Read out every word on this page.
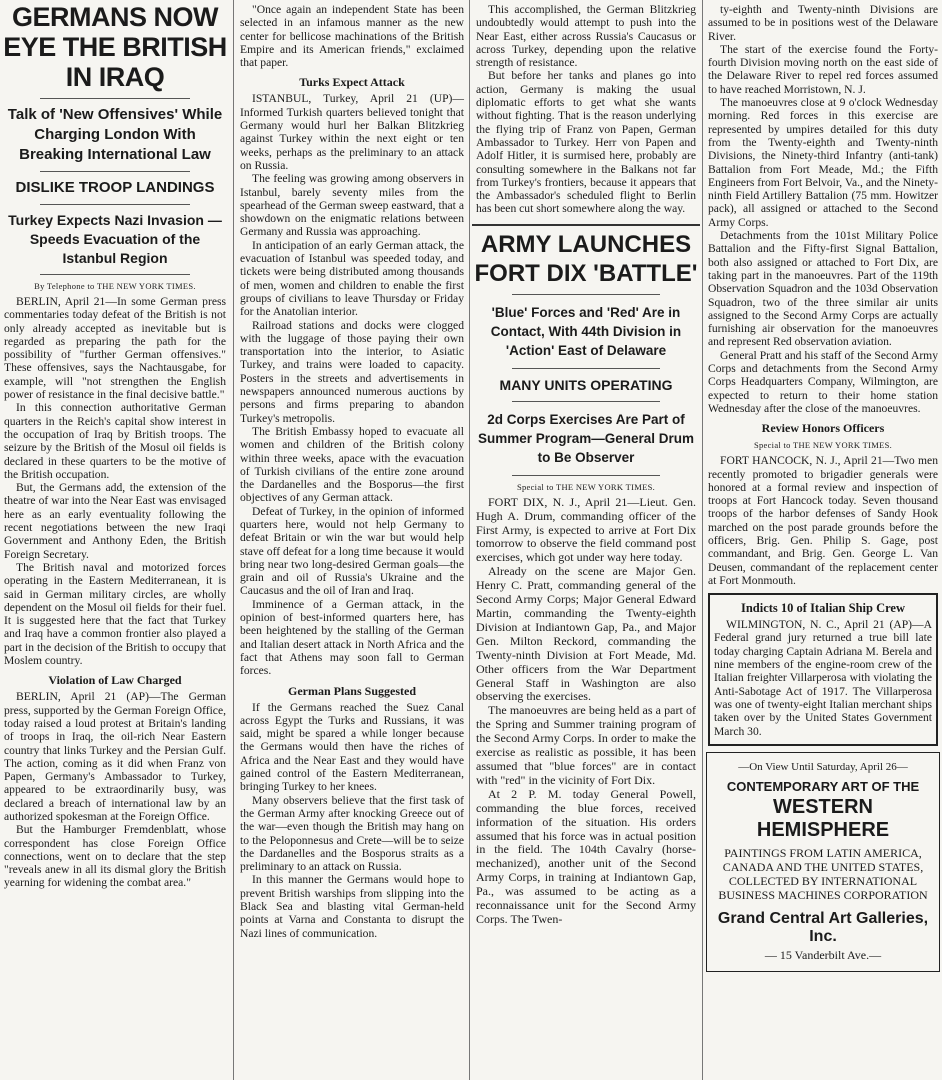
GERMANS NOW EYE THE BRITISH IN IRAQ
Talk of 'New Offensives' While Charging London With Breaking International Law
DISLIKE TROOP LANDINGS
Turkey Expects Nazi Invasion —Speeds Evacuation of the Istanbul Region
By Telephone to THE NEW YORK TIMES.

BERLIN, April 21—In some German press commentaries today defeat of the British is not only already accepted as inevitable but is regarded as preparing the path for the possibility of "further German offensives." These offensives, says the Nachtausgabe, for example, will "not strengthen the English power of resistance in the final decisive battle."

In this connection authoritative German quarters in the Reich's capital show interest in the occupation of Iraq by British troops. The seizure by the British of the Mosul oil fields is declared in these quarters to be the motive of the British occupation.

But, the Germans add, the extension of the theatre of war into the Near East was envisaged here as an early eventuality following the recent negotiations between the new Iraqi Government and Anthony Eden, the British Foreign Secretary.

The British naval and motorized forces operating in the Eastern Mediterranean, it is said in German military circles, are wholly dependent on the Mosul oil fields for their fuel. It is suggested here that the fact that Turkey and Iraq have a common frontier also played a part in the decision of the British to occupy that Moslem country.

Violation of Law Charged

BERLIN, April 21 (AP)—The German press, supported by the German Foreign Office, today raised a loud protest at Britain's landing of troops in Iraq, the oil-rich Near Eastern country that links Turkey and the Persian Gulf. The action, coming as it did when Franz von Papen, Germany's Ambassador to Turkey, appeared to be extraordinarily busy, was declared a breach of international law by an authorized spokesman at the Foreign Office.

But the Hamburger Fremdenblatt, whose correspondent has close Foreign Office connections, went on to declare that the step "reveals anew in all its dismal glory the British yearning for widening the combat area."

"Once again an independent State has been selected in an infamous manner as the new center for bellicose machinations of the British Empire and its American friends," exclaimed that paper.

Turks Expect Attack

ISTANBUL, Turkey, April 21 (UP)—Informed Turkish quarters believed tonight that Germany would hurl her Balkan Blitzkrieg against Turkey within the next eight or ten weeks, perhaps as the preliminary to an attack on Russia.

The feeling was growing among observers in Istanbul, barely seventy miles from the spearhead of the German sweep eastward, that a showdown on the enigmatic relations between Germany and Russia was approaching.

In anticipation of an early German attack, the evacuation of Istanbul was speeded today, and tickets were being distributed among thousands of men, women and children to enable the first groups of civilians to leave Thursday or Friday for the Anatolian interior.

Railroad stations and docks were clogged with the luggage of those paying their own transportation into the interior, to Asiatic Turkey, and trains were loaded to capacity. Posters in the streets and advertisements in newspapers announced numerous auctions by persons and firms preparing to abandon Turkey's metropolis.

The British Embassy hoped to evacuate all women and children of the British colony within three weeks, apace with the evacuation of Turkish civilians of the entire zone around the Dardanelles and the Bosporus—the first objectives of any German attack.

Defeat of Turkey, in the opinion of informed quarters here, would not help Germany to defeat Britain or win the war but would help stave off defeat for a long time because it would bring near two long-desired German goals—the grain and oil of Russia's Ukraine and the Caucasus and the oil of Iran and Iraq.

Imminence of a German attack, in the opinion of best-informed quarters here, has been heightened by the stalling of the German and Italian desert attack in North Africa and the fact that Athens may soon fall to German forces.

German Plans Suggested

If the Germans reached the Suez Canal across Egypt the Turks and Russians, it was said, might be spared a while longer because the Germans would then have the riches of Africa and the Near East and they would have gained control of the Eastern Mediterranean, bringing Turkey to her knees.

Many observers believe that the first task of the German Army after knocking Greece out of the war—even though the British may hang on to the Peloponnesus and Crete—will be to seize the Dardanelles and the Bosporus straits as a preliminary to an attack on Russia.

In this manner the Germans would hope to prevent British warships from slipping into the Black Sea and blasting vital German-held points at Varna and Constanta to disrupt the Nazi lines of communication.

This accomplished, the German Blitzkrieg undoubtedly would attempt to push into the Near East, either across Russia's Caucasus or across Turkey, depending upon the relative strength of resistance.

But before her tanks and planes go into action, Germany is making the usual diplomatic efforts to get what she wants without fighting. That is the reason underlying the flying trip of Franz von Papen, German Ambassador to Turkey. Herr von Papen and Adolf Hitler, it is surmised here, probably are consulting somewhere in the Balkans not far from Turkey's frontiers, because it appears that the Ambassador's scheduled flight to Berlin has been cut short somewhere along the way.

ARMY LAUNCHES FORT DIX 'BATTLE'
'Blue' Forces and 'Red' Are in Contact, With 44th Division in 'Action' East of Delaware
MANY UNITS OPERATING
2d Corps Exercises Are Part of Summer Program—General Drum to Be Observer
Special to THE NEW YORK TIMES.

FORT DIX, N. J., April 21—Lieut. Gen. Hugh A. Drum, commanding officer of the First Army, is expected to arrive at Fort Dix tomorrow to observe the field command post exercises, which got under way here today.

Already on the scene are Major Gen. Henry C. Pratt, commanding general of the Second Army Corps; Major General Edward Martin, commanding the Twenty-eighth Division at Indiantown Gap, Pa., and Major Gen. Milton Reckord, commanding the Twenty-ninth Division at Fort Meade, Md. Other officers from the War Department General Staff in Washington are also observing the exercises.

The manoeuvres are being held as a part of the Spring and Summer training program of the Second Army Corps. In order to make the exercise as realistic as possible, it has been assumed that "blue forces" are in contact with "red" in the vicinity of Fort Dix.

At 2 P. M. today General Powell, commanding the blue forces, received information of the situation. His orders assumed that his force was in actual position in the field. The 104th Cavalry (horse-mechanized), another unit of the Second Army Corps, in training at Indiantown Gap, Pa., was assumed to be acting as a reconnaissance unit for the Second Army Corps. The Twen-

ty-eighth and Twenty-ninth Divisions are assumed to be in positions west of the Delaware River.

The start of the exercise found the Forty-fourth Division moving north on the east side of the Delaware River to repel red forces assumed to have reached Morristown, N. J.

The manoeuvres close at 9 o'clock Wednesday morning. Red forces in this exercise are represented by umpires detailed for this duty from the Twenty-eighth and Twenty-ninth Divisions, the Ninety-third Infantry (anti-tank) Battalion from Fort Meade, Md.; the Fifth Engineers from Fort Belvoir, Va., and the Ninety-ninth Field Artillery Battalion (75 mm. Howitzer pack), all assigned or attached to the Second Army Corps.

Detachments from the 101st Military Police Battalion and the Fifty-first Signal Battalion, both also assigned or attached to Fort Dix, are taking part in the manoeuvres. Part of the 119th Observation Squadron and the 103d Observation Squadron, two of the three similar air units assigned to the Second Army Corps are actually furnishing air observation for the manoeuvres and represent Red observation aviation.

General Pratt and his staff of the Second Army Corps and detachments from the Second Army Corps Headquarters Company, Wilmington, are expected to return to their home station Wednesday after the close of the manoeuvres.

Review Honors Officers
Special to THE NEW YORK TIMES.

FORT HANCOCK, N. J., April 21—Two men recently promoted to brigadier generals were honored at a formal review and inspection of troops at Fort Hancock today. Seven thousand troops of the harbor defenses of Sandy Hook marched on the post parade grounds before the officers, Brig. Gen. Philip S. Gage, post commandant, and Brig. Gen. George L. Van Deusen, commandant of the replacement center at Fort Monmouth.

Indicts 10 of Italian Ship Crew

WILMINGTON, N. C., April 21 (AP)—A Federal grand jury returned a true bill late today charging Captain Adriana M. Berela and nine members of the engine-room crew of the Italian freighter Villarperosa with violating the Anti-Sabotage Act of 1917. The Villarperosa was one of twenty-eight Italian merchant ships taken over by the United States Government March 30.

—On View Until Saturday, April 26—
CONTEMPORARY ART OF THE
WESTERN HEMISPHERE
PAINTINGS FROM LATIN AMERICA, CANADA AND THE UNITED STATES, COLLECTED BY INTERNATIONAL BUSINESS MACHINES CORPORATION
Grand Central Art Galleries, Inc.
— 15 Vanderbilt Ave.—
